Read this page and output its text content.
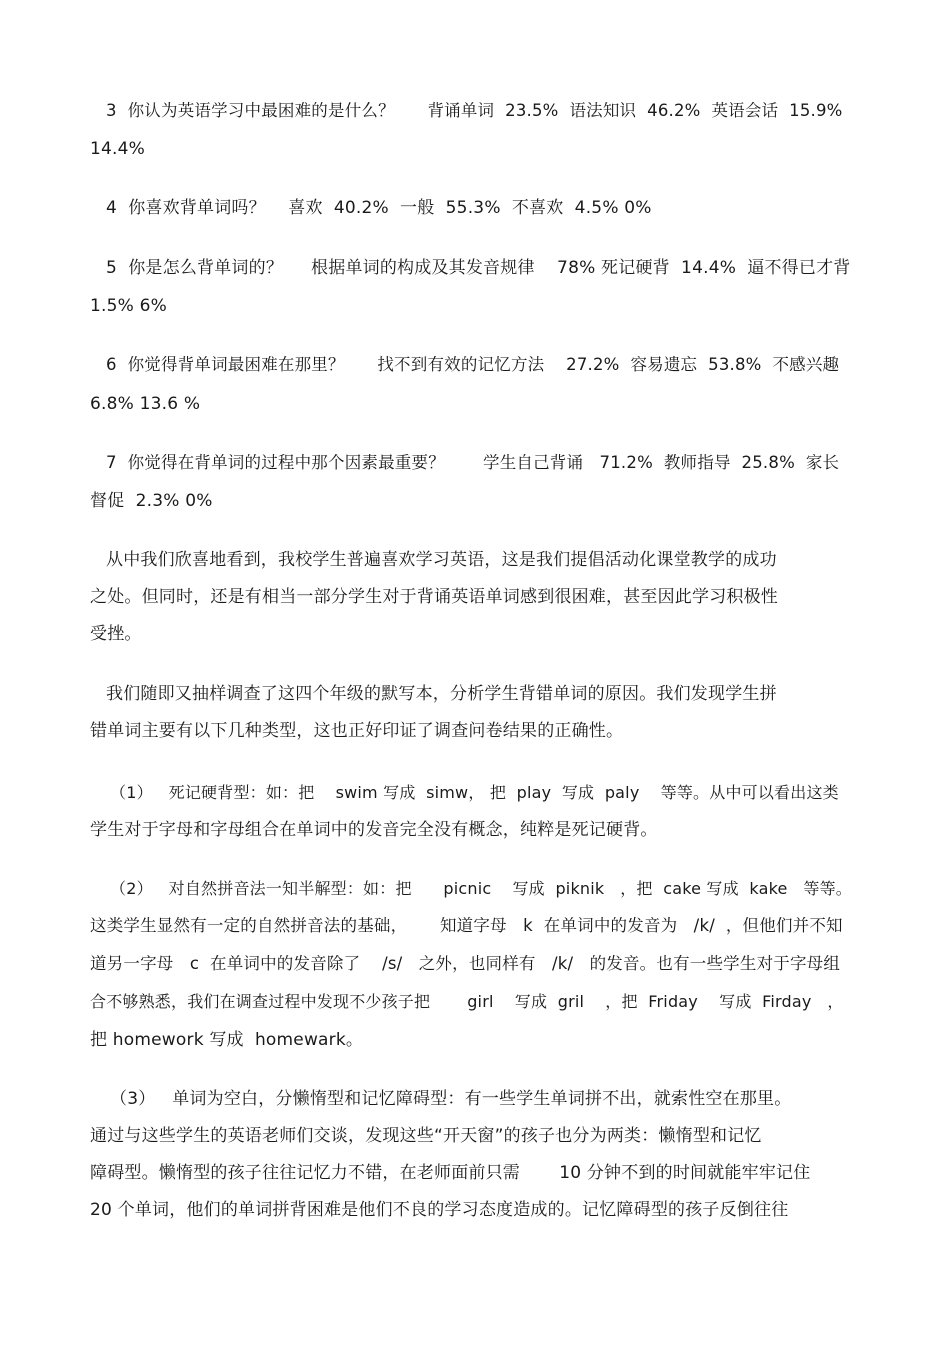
3  你认为英语学习中最困难的是什么？      背诵单词  23.5%  语法知识  46.2%  英语会话  15.9%
14.4%
4  你喜欢背单词吗？    喜欢  40.2%  一般  55.3%  不喜欢  4.5% 0%
5  你是怎么背单词的？     根据单词的构成及其发音规律    78% 死记硬背  14.4%  逼不得已才背
1.5% 6%
6  你觉得背单词最困难在那里？      找不到有效的记忆方法    27.2%  容易遗忘  53.8%  不感兴趣
6.8% 13.6 %
7  你觉得在背单词的过程中那个因素最重要？       学生自己背诵   71.2%  教师指导  25.8%  家长
督促  2.3% 0%
从中我们欣喜地看到，我校学生普遍喜欢学习英语，这是我们提倡活动化课堂教学的成功
之处。但同时，还是有相当一部分学生对于背诵英语单词感到很困难，甚至因此学习积极性
受挫。
我们随即又抽样调查了这四个年级的默写本，分析学生背错单词的原因。我们发现学生拼
错单词主要有以下几种类型，这也正好印证了调查问卷结果的正确性。
（1）   死记硬背型：如：把    swim 写成  simw， 把  play  写成  paly    等等。从中可以看出这类
学生对于字母和字母组合在单词中的发音完全没有概念，纯粹是死记硬背。
（2）   对自然拼音法一知半解型：如：把      picnic    写成  piknik   ，把  cake 写成  kake   等等。
这类学生显然有一定的自然拼音法的基础，      知道字母   k  在单词中的发音为   /k/  ，但他们并不知
道另一字母   c  在单词中的发音除了    /s/   之外，也同样有   /k/   的发音。也有一些学生对于字母组
合不够熟悉，我们在调查过程中发现不少孩子把       girl    写成  gril    ，把  Friday    写成  Firday   ，
把 homework 写成  homewark。
（3）   单词为空白，分懒惰型和记忆障碍型：有一些学生单词拼不出，就索性空在那里。
通过与这些学生的英语老师们交谈，发现这些“开天窗”的孩子也分为两类：懒惰型和记忆
障碍型。懒惰型的孩子往往记忆力不错，在老师面前只需       10 分钟不到的时间就能牢牢记住
20 个单词，他们的单词拼背困难是他们不良的学习态度造成的。记忆障碍型的孩子反倒往往
